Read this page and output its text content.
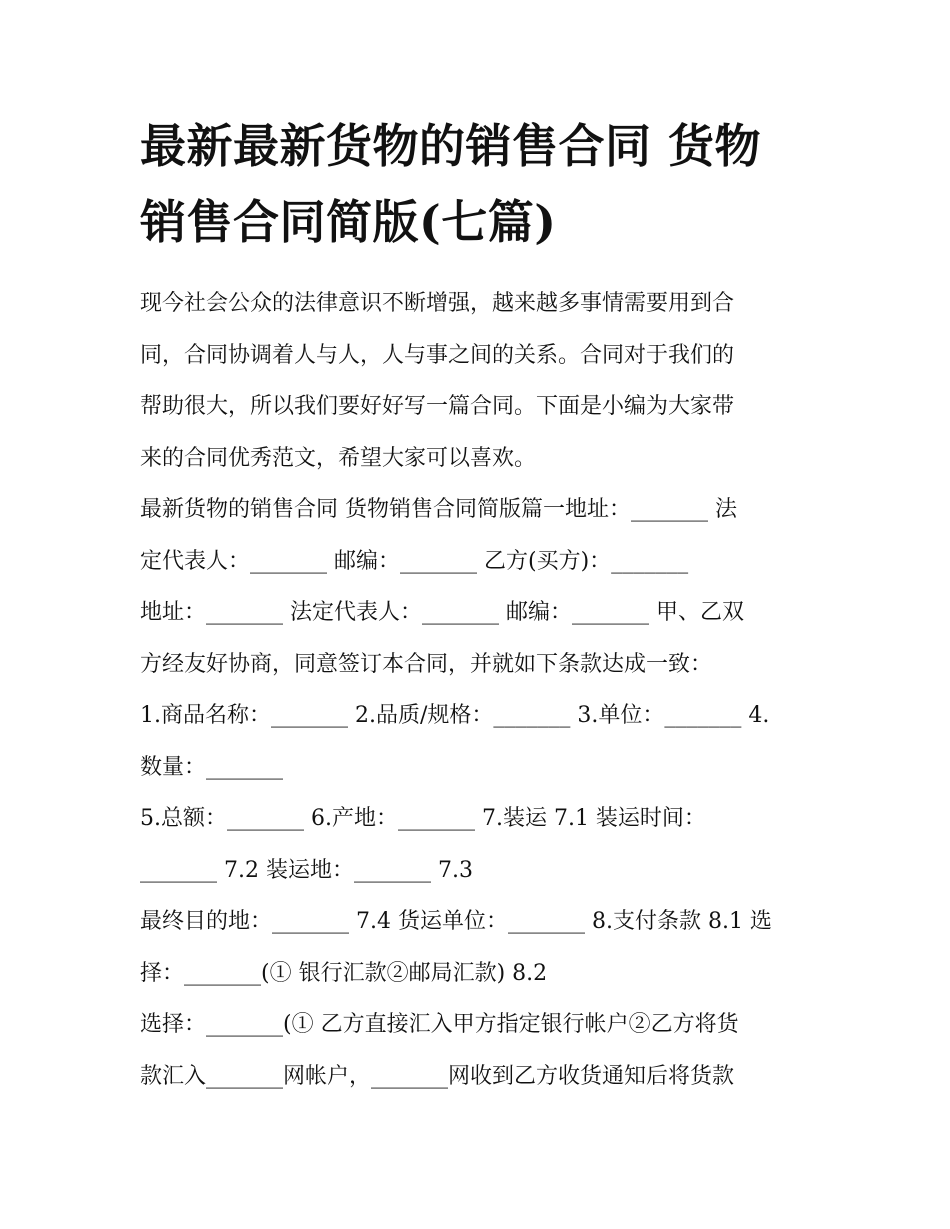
最新最新货物的销售合同 货物
销售合同简版(七篇)

现今社会公众的法律意识不断增强，越来越多事情需要用到合
同，合同协调着人与人，人与事之间的关系。合同对于我们的
帮助很大，所以我们要好好写一篇合同。下面是小编为大家带
来的合同优秀范文，希望大家可以喜欢。

最新货物的销售合同 货物销售合同简版篇一地址：_______ 法
定代表人：_______ 邮编：_______ 乙方(买方)：_______

地址：_______ 法定代表人：_______ 邮编：_______ 甲、乙双
方经友好协商，同意签订本合同，并就如下条款达成一致：
1.商品名称：_______ 2.品质/规格：_______ 3.单位：_______ 4.
数量：_______

5.总额：_______ 6.产地：_______ 7.装运 7.1 装运时间：
_______ 7.2 装运地：_______ 7.3

最终目的地：_______ 7.4 货运单位：_______ 8.支付条款 8.1 选
择：_______(① 银行汇款②邮局汇款) 8.2

选择：_______(① 乙方直接汇入甲方指定银行帐户②乙方将货
款汇入_______网帐户，_______网收到乙方收货通知后将货款
